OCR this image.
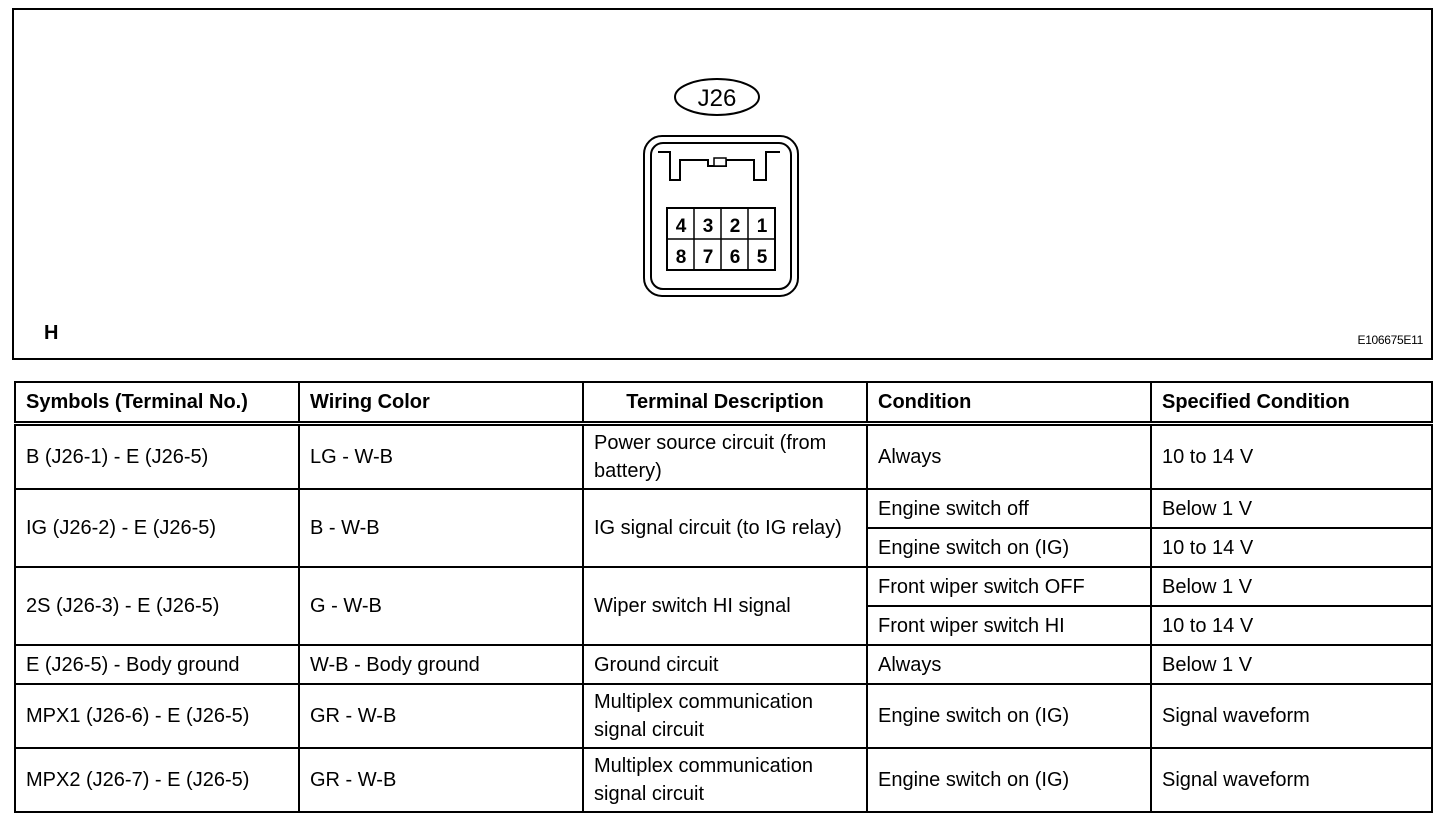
J26
4 3 2 1
8 7 6 5
H	E106675E11
Symbols (Terminal No.)	Wiring Color	Terminal Description	Condition	Specified Condition
B (J26-1) - E (J26-5)	LG - W-B	Power source circuit (from battery)	Always	10 to 14 V
IG (J26-2) - E (J26-5)	B - W-B	IG signal circuit (to IG relay)	Engine switch off	Below 1 V
			Engine switch on (IG)	10 to 14 V
2S (J26-3) - E (J26-5)	G - W-B	Wiper switch HI signal	Front wiper switch OFF	Below 1 V
			Front wiper switch HI	10 to 14 V
E (J26-5) - Body ground	W-B - Body ground	Ground circuit	Always	Below 1 V
MPX1 (J26-6) - E (J26-5)	GR - W-B	Multiplex communication signal circuit	Engine switch on (IG)	Signal waveform
MPX2 (J26-7) - E (J26-5)	GR - W-B	Multiplex communication signal circuit	Engine switch on (IG)	Signal waveform
